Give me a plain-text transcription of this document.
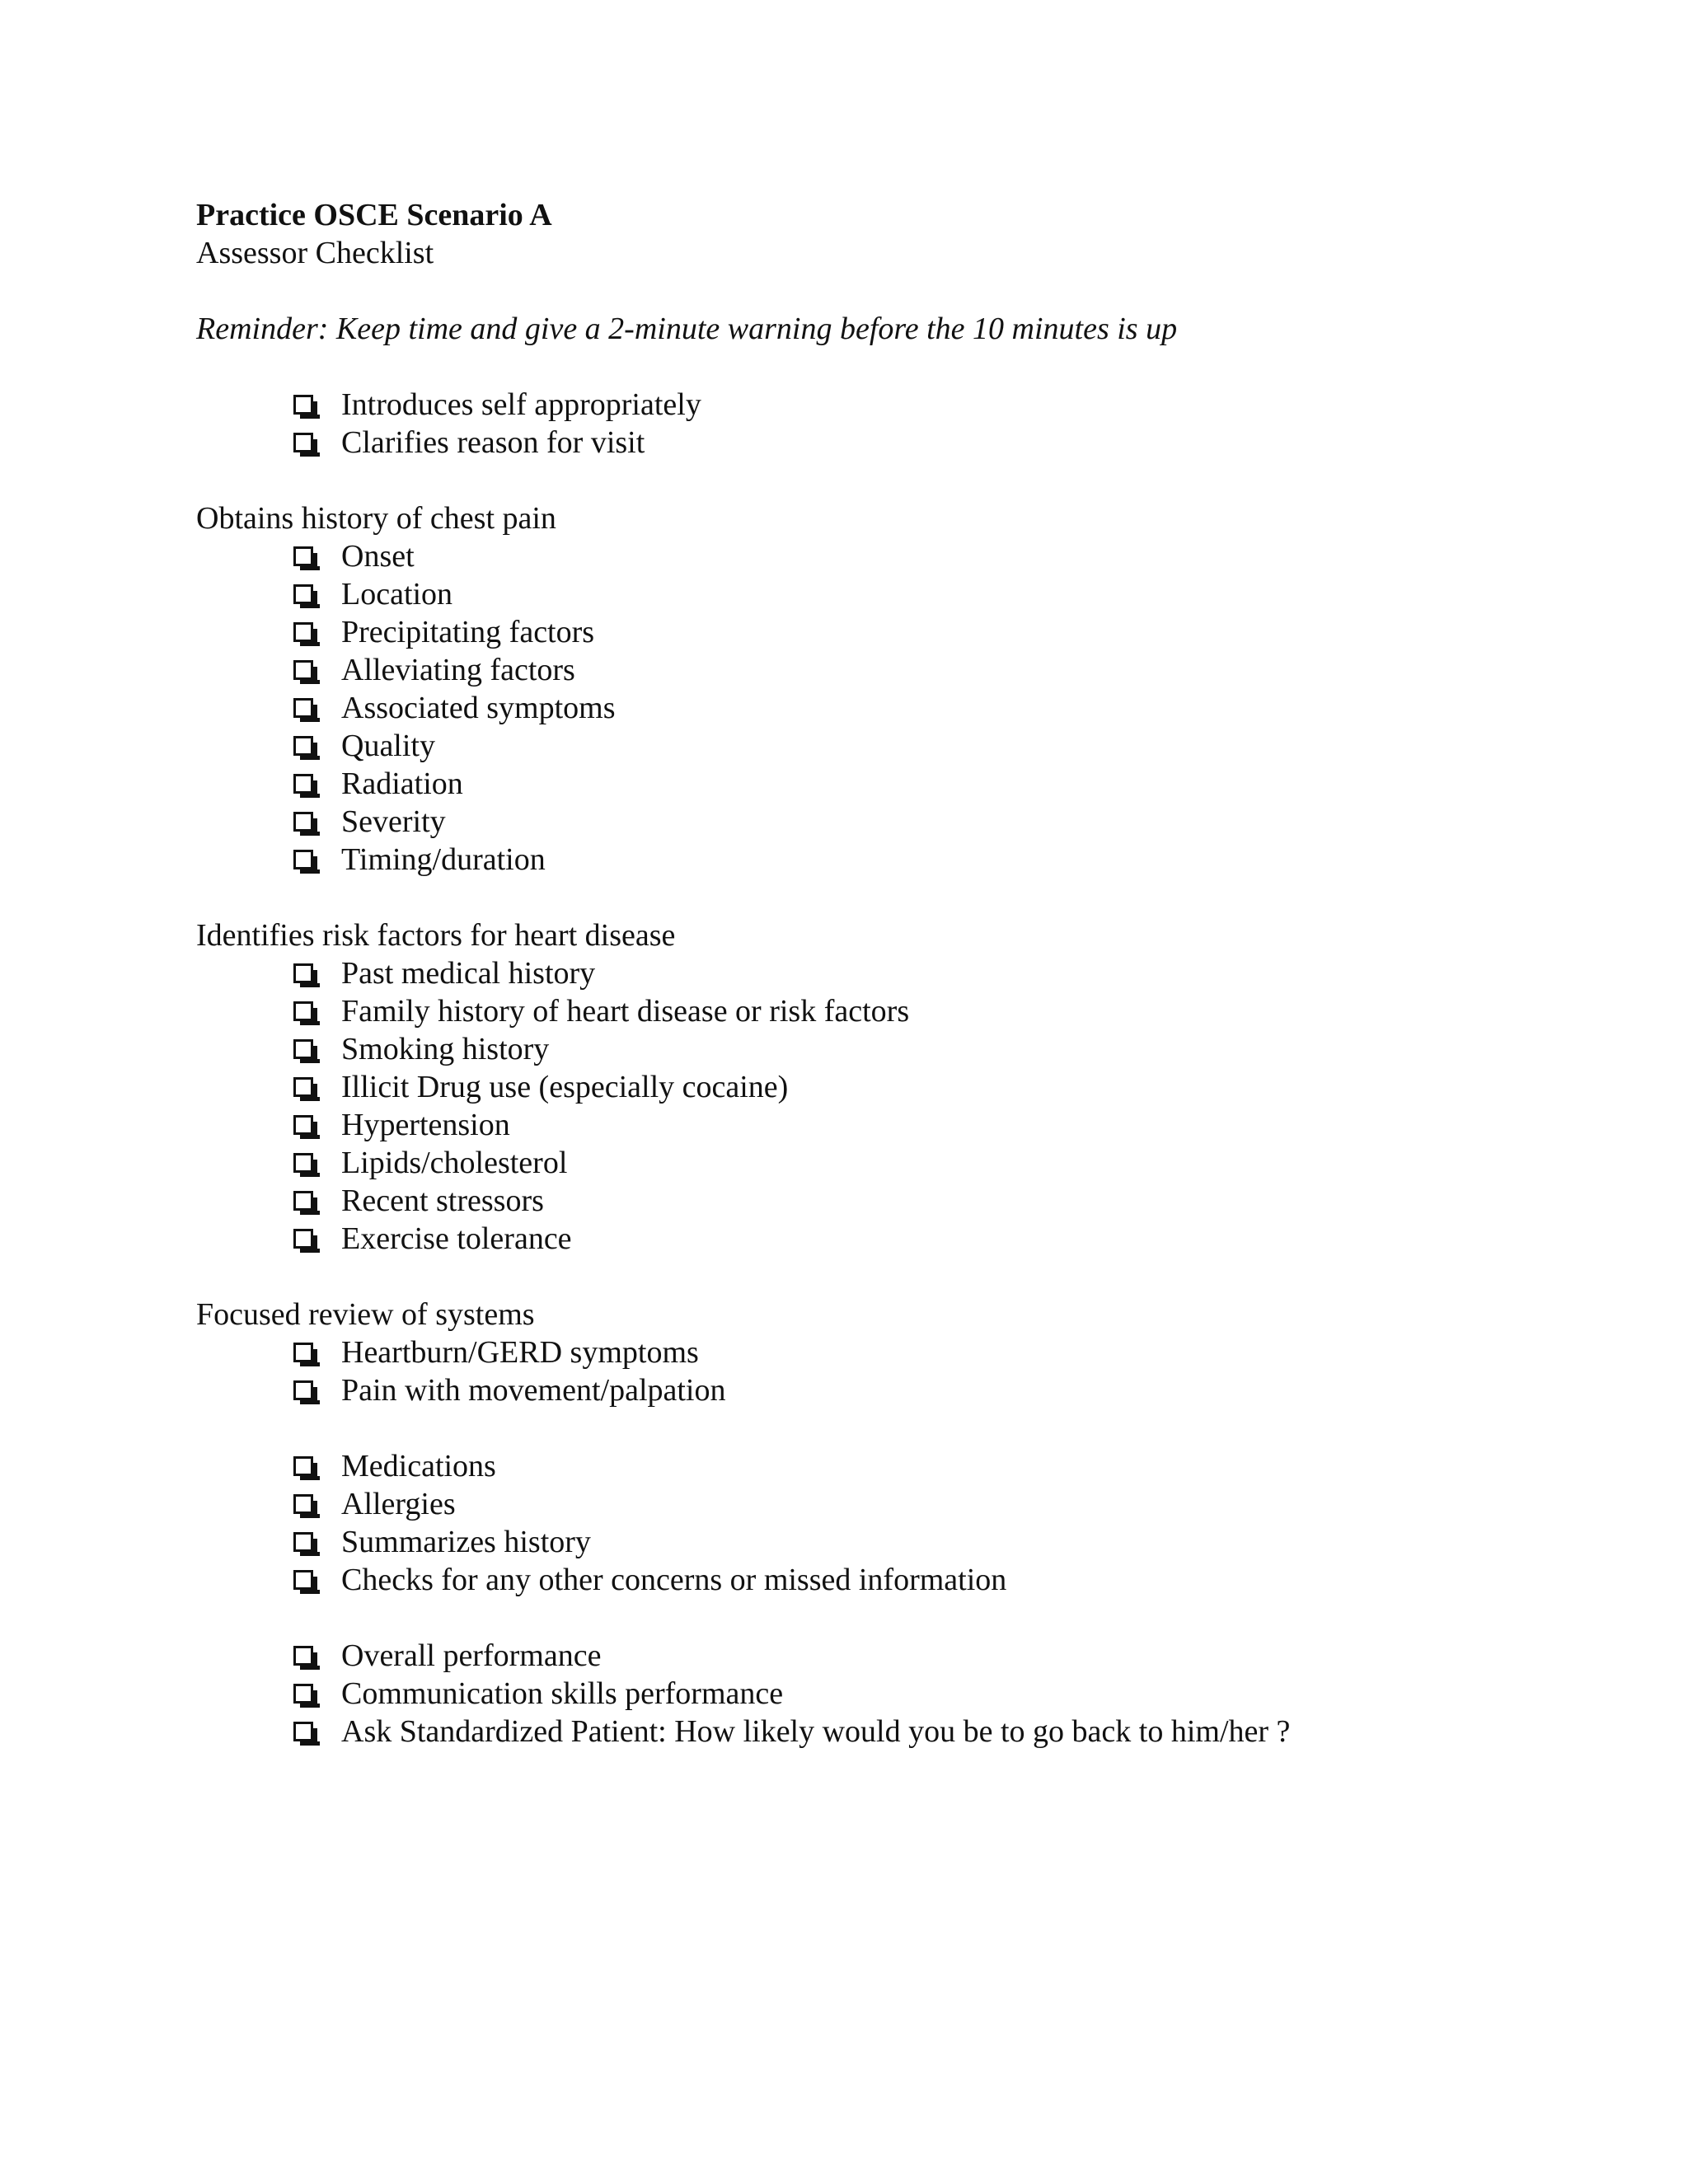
Practice OSCE Scenario A

Assessor Checklist

Reminder: Keep time and give a 2-minute warning before the 10 minutes is up

Introduces self appropriately
Clarifies reason for visit

Obtains history of chest pain

Onset
Location
Precipitating factors
Alleviating factors
Associated symptoms
Quality
Radiation
Severity
Timing/duration

Identifies risk factors for heart disease

Past medical history
Family history of heart disease or risk factors
Smoking history
Illicit Drug use (especially cocaine)
Hypertension
Lipids/cholesterol
Recent stressors
Exercise tolerance

Focused review of systems

Heartburn/GERD symptoms
Pain with movement/palpation
Medications
Allergies
Summarizes history
Checks for any other concerns or missed information
Overall performance
Communication skills performance
Ask Standardized Patient: How likely would you be to go back to him/her ?
